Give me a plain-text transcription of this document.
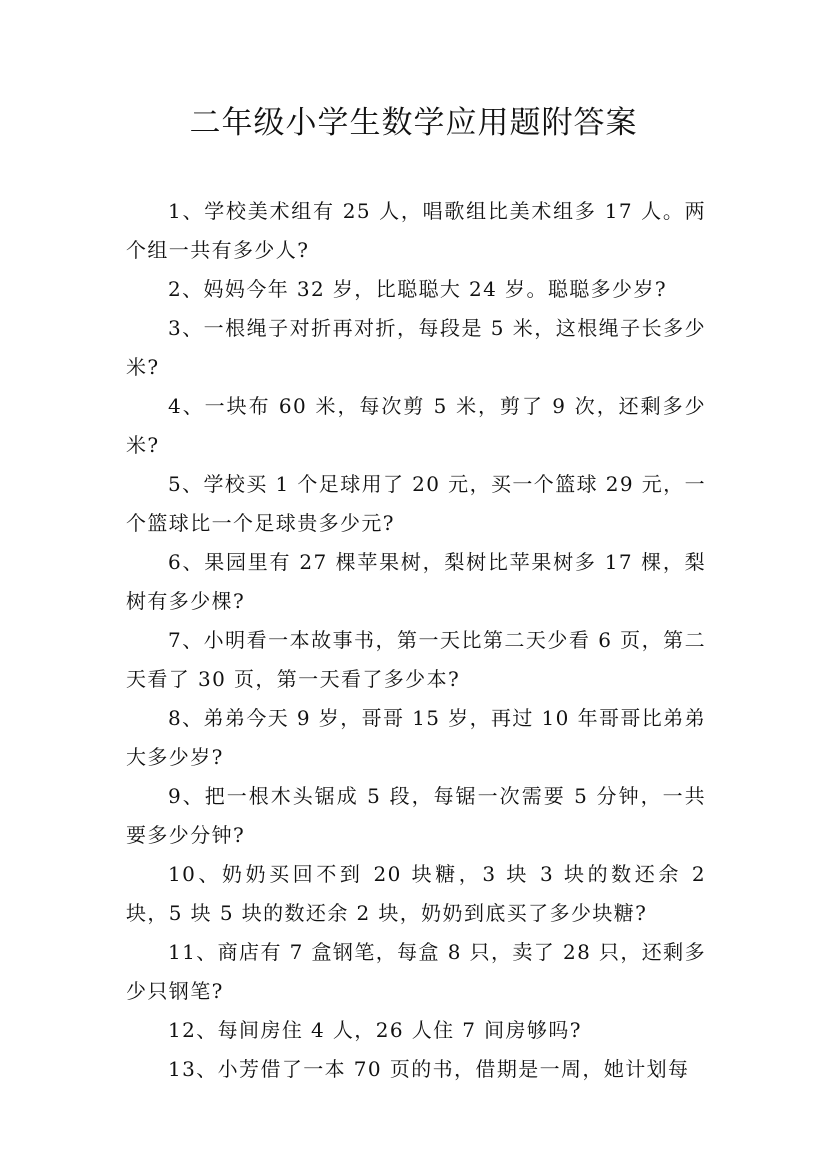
二年级小学生数学应用题附答案

1、学校美术组有 25 人，唱歌组比美术组多 17 人。两个组一共有多少人?

2、妈妈今年 32 岁，比聪聪大 24 岁。聪聪多少岁?

3、一根绳子对折再对折，每段是 5 米，这根绳子长多少米?

4、一块布 60 米，每次剪 5 米，剪了 9 次，还剩多少米?

5、学校买 1 个足球用了 20 元，买一个篮球 29 元，一个篮球比一个足球贵多少元?

6、果园里有 27 棵苹果树，梨树比苹果树多 17 棵，梨树有多少棵?

7、小明看一本故事书，第一天比第二天少看 6 页，第二天看了 30 页，第一天看了多少本?

8、弟弟今天 9 岁，哥哥 15 岁，再过 10 年哥哥比弟弟大多少岁?

9、把一根木头锯成 5 段，每锯一次需要 5 分钟，一共要多少分钟?

10、奶奶买回不到 20 块糖，3 块 3 块的数还余 2 块，5 块 5 块的数还余 2 块，奶奶到底买了多少块糖?

11、商店有 7 盒钢笔，每盒 8 只，卖了 28 只，还剩多少只钢笔?

12、每间房住 4 人，26 人住 7 间房够吗?

13、小芳借了一本 70 页的书，借期是一周，她计划每
